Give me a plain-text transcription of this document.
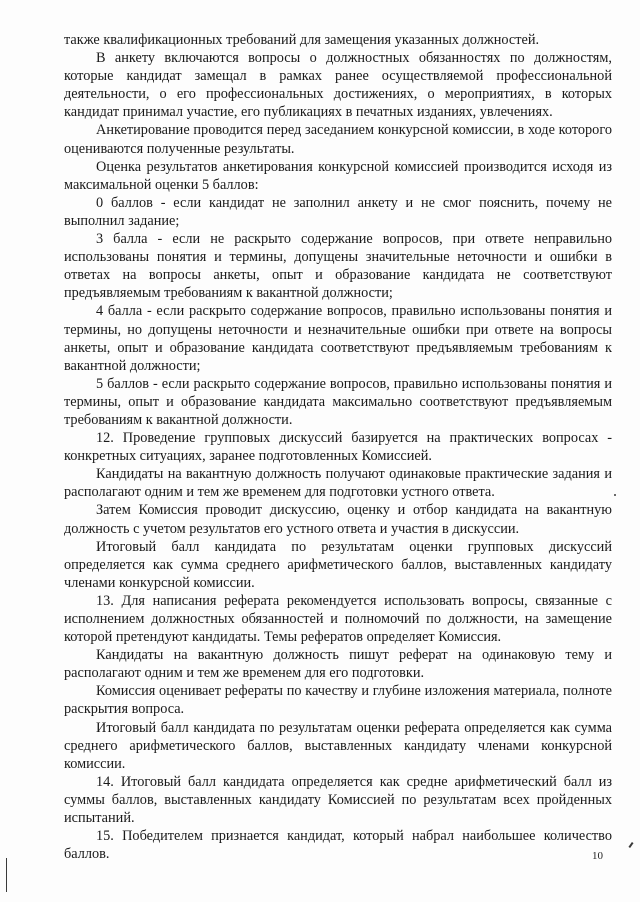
также квалификационных требований для замещения указанных должностей.

В анкету включаются вопросы о должностных обязанностях по должностям, которые кандидат замещал в рамках ранее осуществляемой профессиональной деятельности, о его профессиональных достижениях, о мероприятиях, в которых кандидат принимал участие, его публикациях в печатных изданиях, увлечениях.

Анкетирование проводится перед заседанием конкурсной комиссии, в ходе которого оцениваются полученные результаты.

Оценка результатов анкетирования конкурсной комиссией производится исходя из максимальной оценки 5 баллов:

0 баллов - если кандидат не заполнил анкету и не смог пояснить, почему не выполнил задание;

3 балла - если не раскрыто содержание вопросов, при ответе неправильно использованы понятия и термины, допущены значительные неточности и ошибки в ответах на вопросы анкеты, опыт и образование кандидата не соответствуют предъявляемым требованиям к вакантной должности;

4 балла - если раскрыто содержание вопросов, правильно использованы понятия и термины, но допущены неточности и незначительные ошибки при ответе на вопросы анкеты, опыт и образование кандидата соответствуют предъявляемым требованиям к вакантной должности;

5 баллов - если раскрыто содержание вопросов, правильно использованы понятия и термины, опыт и образование кандидата максимально соответствуют предъявляемым требованиям к вакантной должности.

12. Проведение групповых дискуссий базируется на практических вопросах - конкретных ситуациях, заранее подготовленных Комиссией.

Кандидаты на вакантную должность получают одинаковые практические задания и располагают одним и тем же временем для подготовки устного ответа.

Затем Комиссия проводит дискуссию, оценку и отбор кандидата на вакантную должность с учетом результатов его устного ответа и участия в дискуссии.

Итоговый балл кандидата по результатам оценки групповых дискуссий определяется как сумма среднего арифметического баллов, выставленных кандидату членами конкурсной комиссии.

13. Для написания реферата рекомендуется использовать вопросы, связанные с исполнением должностных обязанностей и полномочий по должности, на замещение которой претендуют кандидаты. Темы рефератов определяет Комиссия.

Кандидаты на вакантную должность пишут реферат на одинаковую тему и располагают одним и тем же временем для его подготовки.

Комиссия оценивает рефераты по качеству и глубине изложения материала, полноте раскрытия вопроса.

Итоговый балл кандидата по результатам оценки реферата определяется как сумма среднего арифметического баллов, выставленных кандидату членами конкурсной комиссии.

14. Итоговый балл кандидата определяется как средне арифметический балл из суммы баллов, выставленных кандидату Комиссией по результатам всех пройденных испытаний.

15. Победителем признается кандидат, который набрал наибольшее количество баллов.	10
